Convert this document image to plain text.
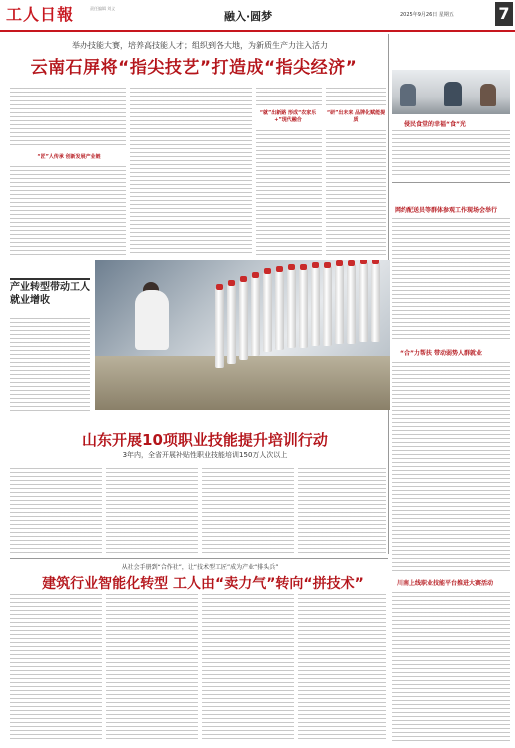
工人日報	责任编辑 刘义
融入·圆梦	2025年9月26日 星期五	7
举办技能大赛，培养高技能人才；组织到各大地，为新质生产力注入活力
云南石屏将“指尖技艺”打造成“指尖经济”
侵民食堂的幸福“食”光
网约配送员等群体参观工作现场会举行
“合”力帮扶 带动弱势人群就业
川南上线职业技能平台推进大赛活动
“匠”人传承 创新发展产业链
“就”出新路 形成“农家乐+”现代融合
“研”出未来 品牌化赋能提质
产业转型带动工人就业增收
山东开展10项职业技能提升培训行动
3年内，全省开展补贴性职业技能培训150万人次以上
从社会手册到“合作社”，让“技术型工匠”成为产业“排头兵”
建筑行业智能化转型 工人由“卖力气”转向“拼技术”
